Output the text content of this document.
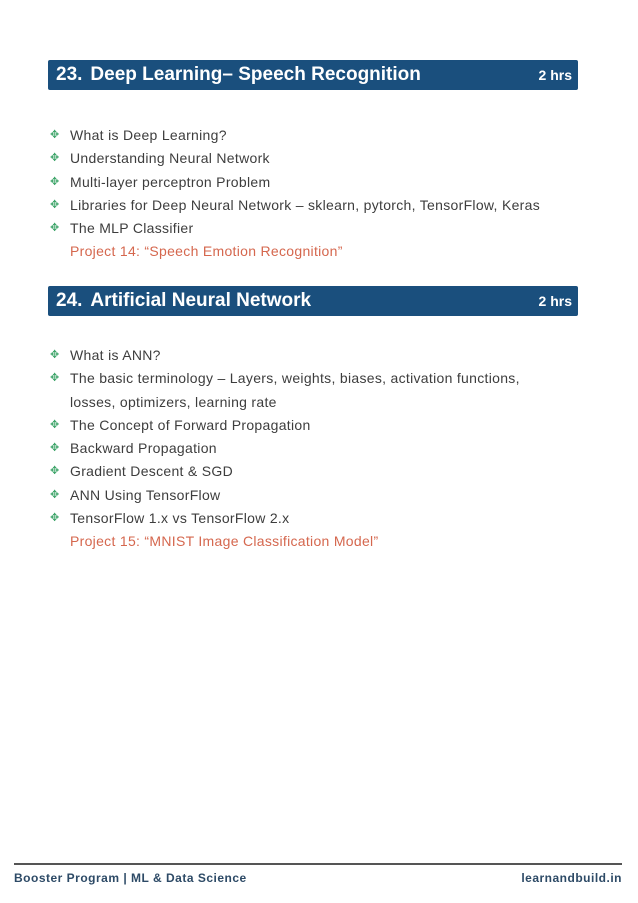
23. Deep Learning– Speech Recognition	2 hrs
✥ What is Deep Learning?
✥ Understanding Neural Network
✥ Multi-layer perceptron Problem
✥ Libraries for Deep Neural Network – sklearn, pytorch, TensorFlow, Keras
✥ The MLP Classifier
Project 14: “Speech Emotion Recognition”
24. Artificial Neural Network	2 hrs
✥ What is ANN?
✥ The basic terminology – Layers, weights, biases, activation functions, losses, optimizers, learning rate
✥ The Concept of Forward Propagation
✥ Backward Propagation
✥ Gradient Descent & SGD
✥ ANN Using TensorFlow
✥ TensorFlow 1.x vs TensorFlow 2.x
Project 15: “MNIST Image Classification Model”
Booster Program | ML & Data Science	learnandbuild.in
